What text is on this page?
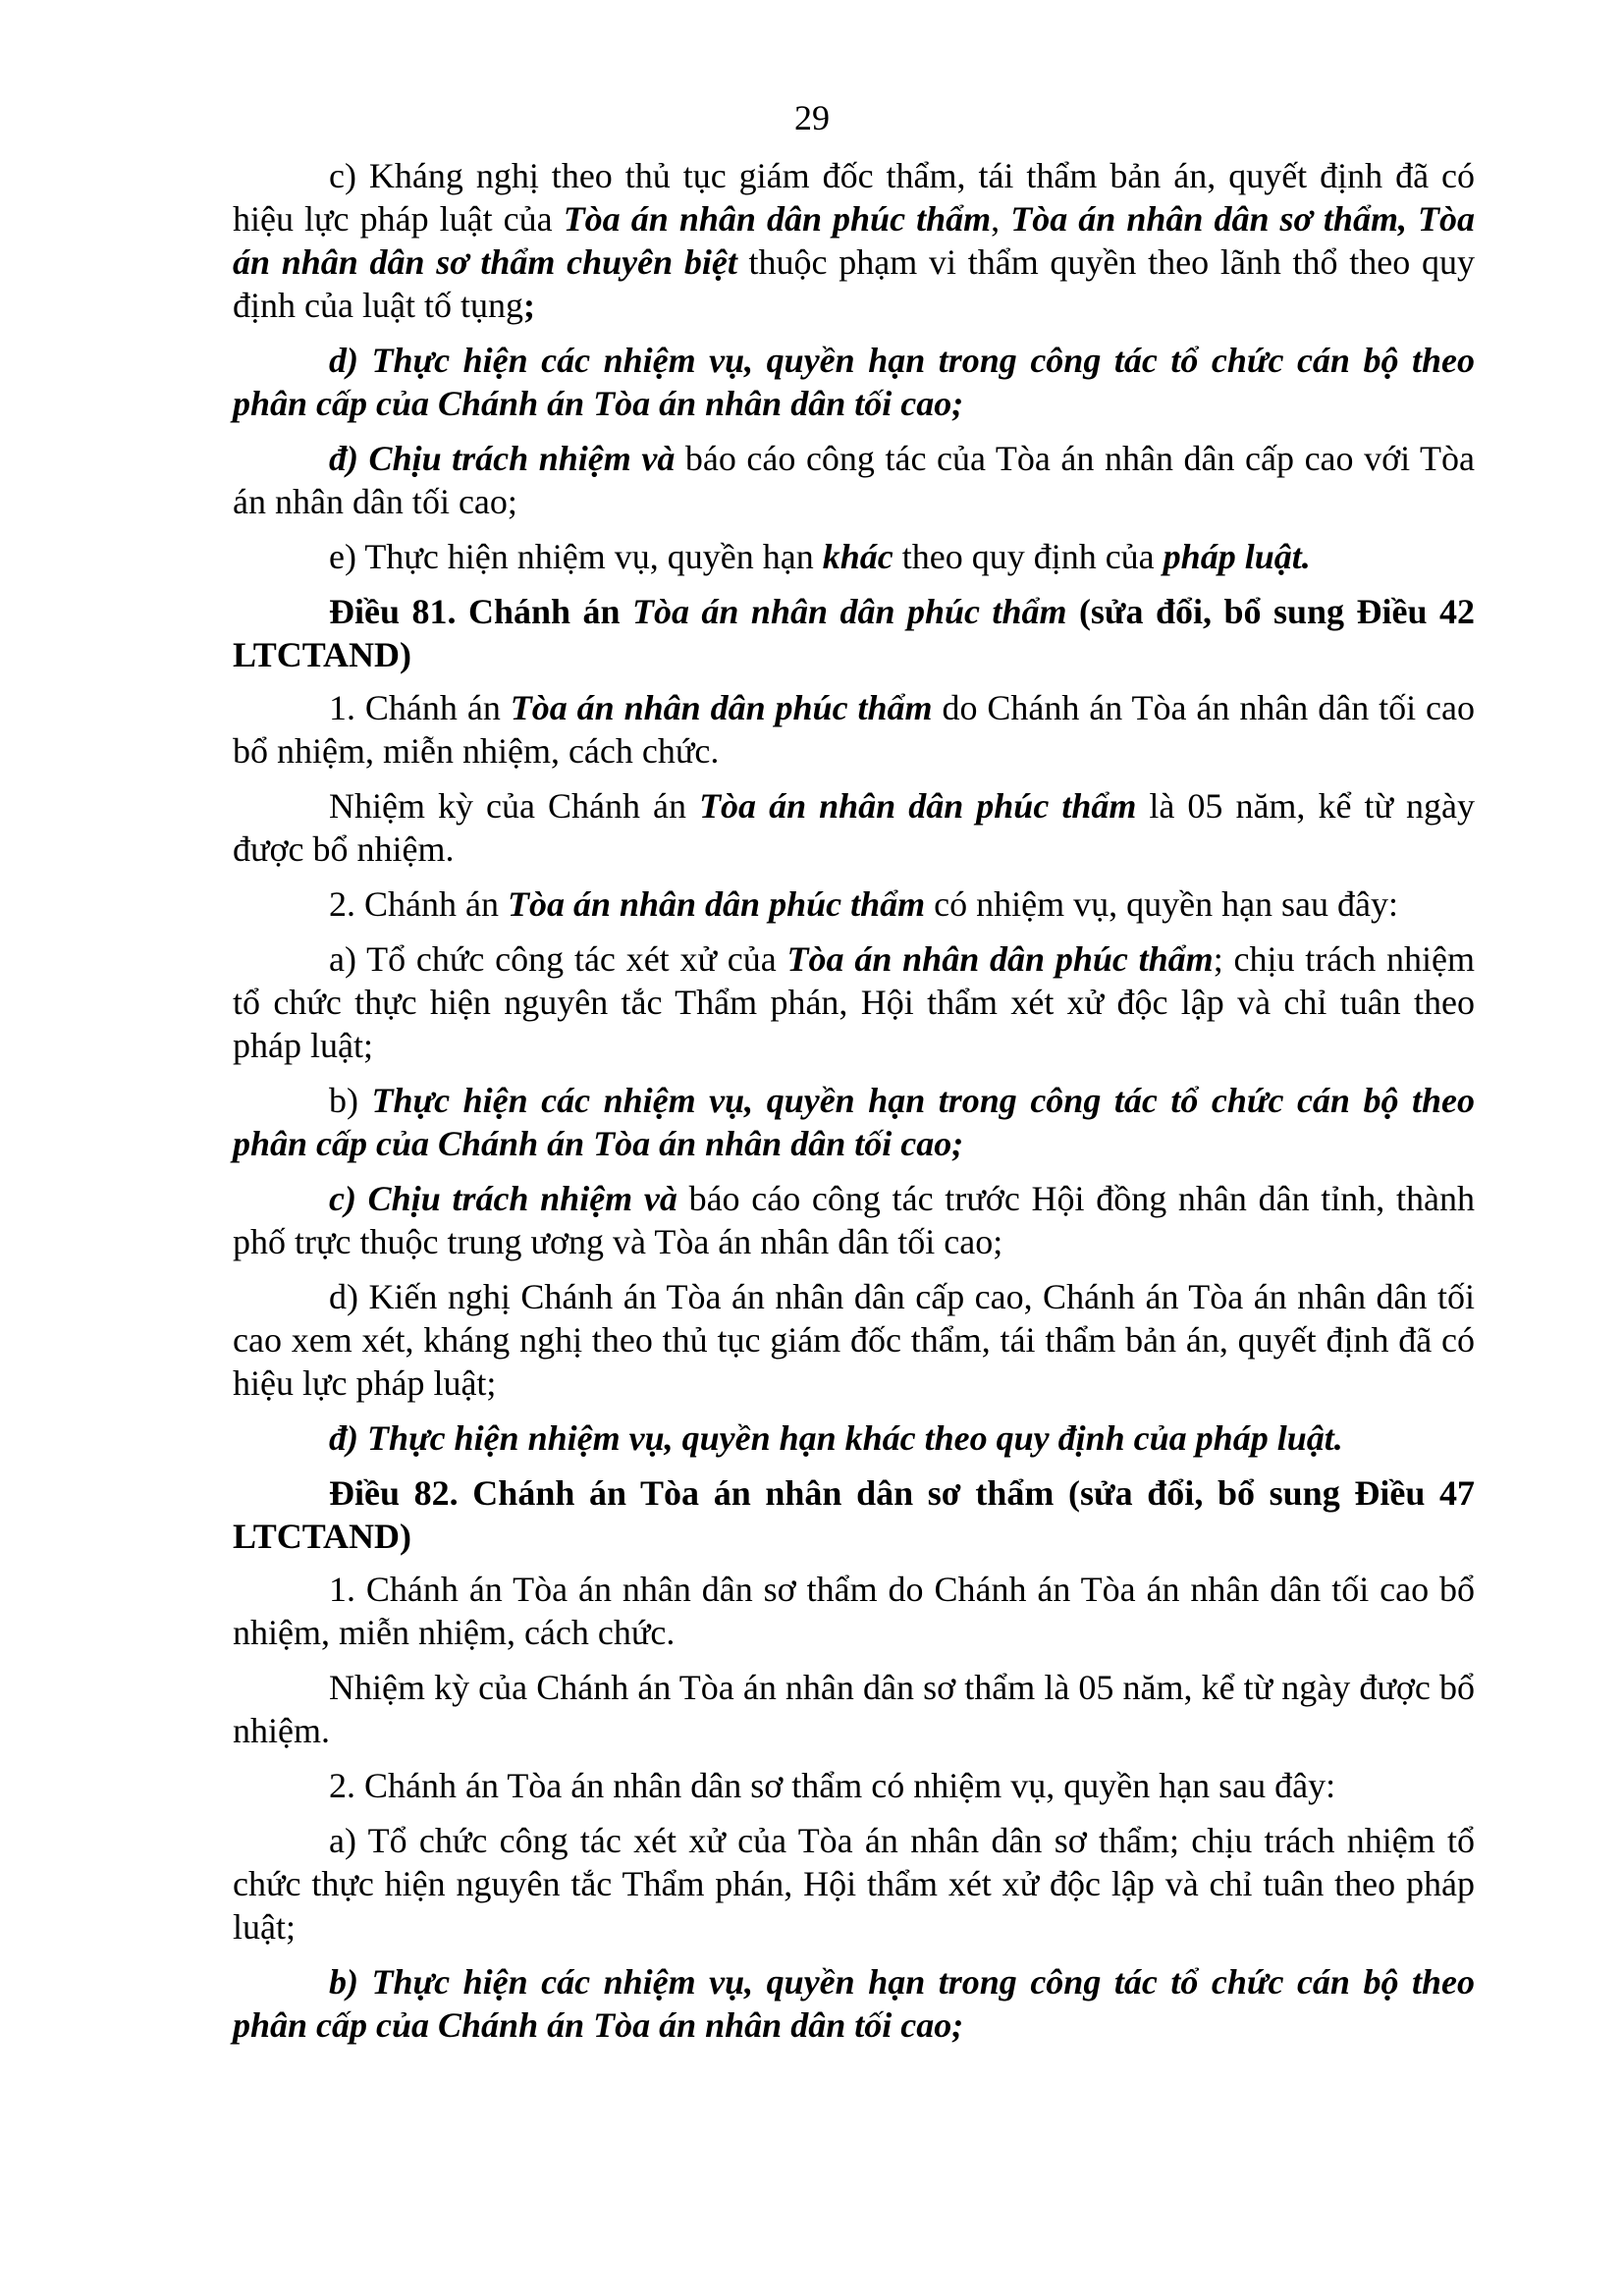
29

c) Kháng nghị theo thủ tục giám đốc thẩm, tái thẩm bản án, quyết định đã có hiệu lực pháp luật của Tòa án nhân dân phúc thẩm, Tòa án nhân dân sơ thẩm, Tòa án nhân dân sơ thẩm chuyên biệt thuộc phạm vi thẩm quyền theo lãnh thổ theo quy định của luật tố tụng;

d) Thực hiện các nhiệm vụ, quyền hạn trong công tác tổ chức cán bộ theo phân cấp của Chánh án Tòa án nhân dân tối cao;

đ) Chịu trách nhiệm và báo cáo công tác của Tòa án nhân dân cấp cao với Tòa án nhân dân tối cao;

e) Thực hiện nhiệm vụ, quyền hạn khác theo quy định của pháp luật.

Điều 81. Chánh án Tòa án nhân dân phúc thẩm (sửa đổi, bổ sung Điều 42 LTCTAND)

1. Chánh án Tòa án nhân dân phúc thẩm do Chánh án Tòa án nhân dân tối cao bổ nhiệm, miễn nhiệm, cách chức.

Nhiệm kỳ của Chánh án Tòa án nhân dân phúc thẩm là 05 năm, kể từ ngày được bổ nhiệm.

2. Chánh án Tòa án nhân dân phúc thẩm có nhiệm vụ, quyền hạn sau đây:

a) Tổ chức công tác xét xử của Tòa án nhân dân phúc thẩm; chịu trách nhiệm tổ chức thực hiện nguyên tắc Thẩm phán, Hội thẩm xét xử độc lập và chỉ tuân theo pháp luật;

b) Thực hiện các nhiệm vụ, quyền hạn trong công tác tổ chức cán bộ theo phân cấp của Chánh án Tòa án nhân dân tối cao;

c) Chịu trách nhiệm và báo cáo công tác trước Hội đồng nhân dân tỉnh, thành phố trực thuộc trung ương và Tòa án nhân dân tối cao;

d) Kiến nghị Chánh án Tòa án nhân dân cấp cao, Chánh án Tòa án nhân dân tối cao xem xét, kháng nghị theo thủ tục giám đốc thẩm, tái thẩm bản án, quyết định đã có hiệu lực pháp luật;

đ) Thực hiện nhiệm vụ, quyền hạn khác theo quy định của pháp luật.

Điều 82. Chánh án Tòa án nhân dân sơ thẩm (sửa đổi, bổ sung Điều 47 LTCTAND)

1. Chánh án Tòa án nhân dân sơ thẩm do Chánh án Tòa án nhân dân tối cao bổ nhiệm, miễn nhiệm, cách chức.

Nhiệm kỳ của Chánh án Tòa án nhân dân sơ thẩm là 05 năm, kể từ ngày được bổ nhiệm.

2. Chánh án Tòa án nhân dân sơ thẩm có nhiệm vụ, quyền hạn sau đây:

a) Tổ chức công tác xét xử của Tòa án nhân dân sơ thẩm; chịu trách nhiệm tổ chức thực hiện nguyên tắc Thẩm phán, Hội thẩm xét xử độc lập và chỉ tuân theo pháp luật;

b) Thực hiện các nhiệm vụ, quyền hạn trong công tác tổ chức cán bộ theo phân cấp của Chánh án Tòa án nhân dân tối cao;
